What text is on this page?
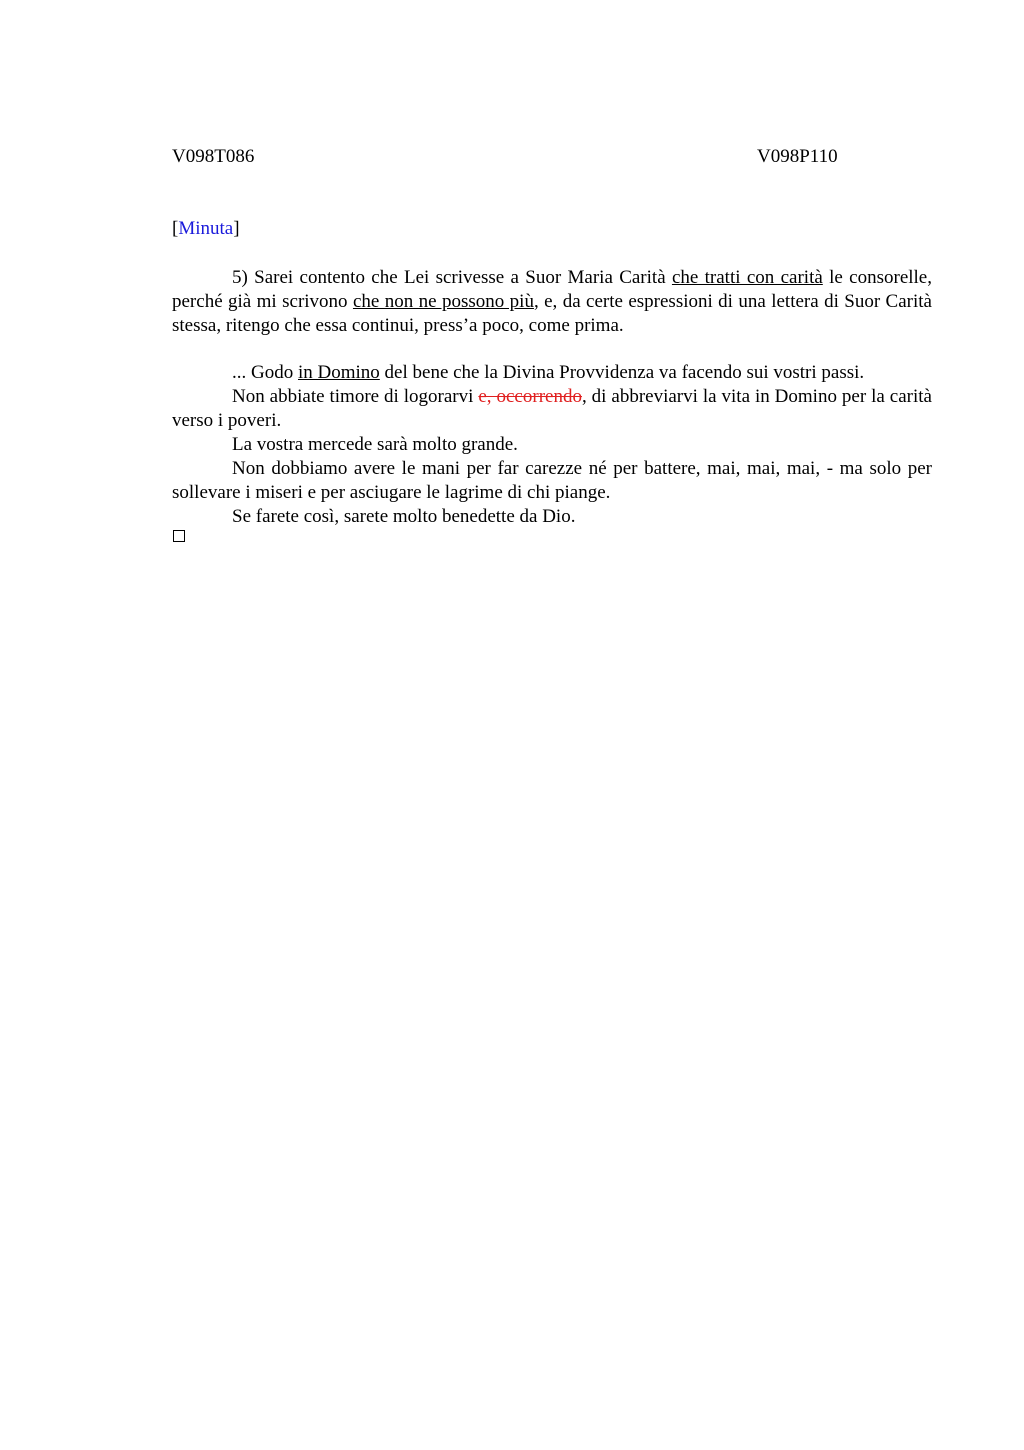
V098T086	V098P110
[Minuta]

5) Sarei contento che Lei scrivesse a Suor Maria Carità che tratti con carità le consorelle, perché già mi scrivono che non ne possono più, e, da certe espressioni di una lettera di Suor Carità stessa, ritengo che essa continui, press’a poco, come prima.

... Godo in Domino del bene che la Divina Provvidenza va facendo sui vostri passi.

Non abbiate timore di logorarvi e, occorrendo, di abbreviarvi la vita in Domino per la carità verso i poveri.

La vostra mercede sarà molto grande.

Non dobbiamo avere le mani per far carezze né per battere, mai, mai, mai, - ma solo per sollevare i miseri e per asciugare le lagrime di chi piange.

Se farete così, sarete molto benedette da Dio.
